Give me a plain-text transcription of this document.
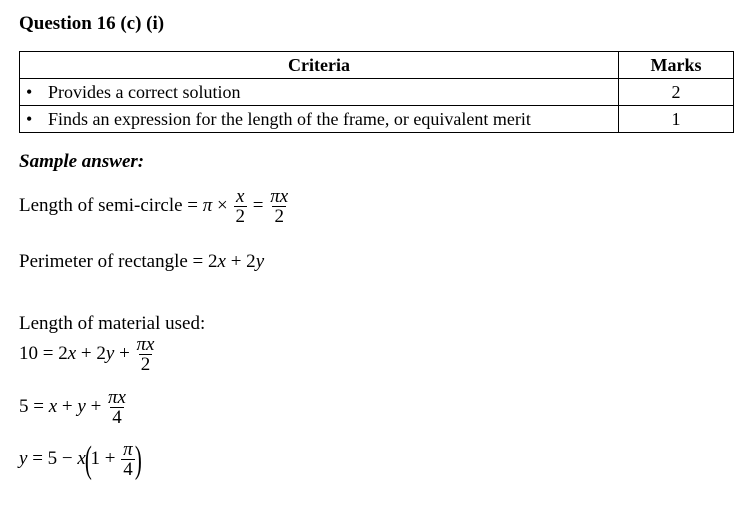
Question 16 (c) (i)
Criteria	Marks
• Provides a correct solution	2
• Finds an expression for the length of the frame, or equivalent merit	1
Sample answer:
Length of semi-circle = $\pi \times \frac{x}{2} = \frac{\pi x}{2}$
Perimeter of rectangle = 2x + 2y
Length of material used:
$10 = 2x + 2y + \frac{\pi x}{2}$
$5 = x + y + \frac{\pi x}{4}$
$y = 5 - x(1 + \frac{\pi}{4}$ )
